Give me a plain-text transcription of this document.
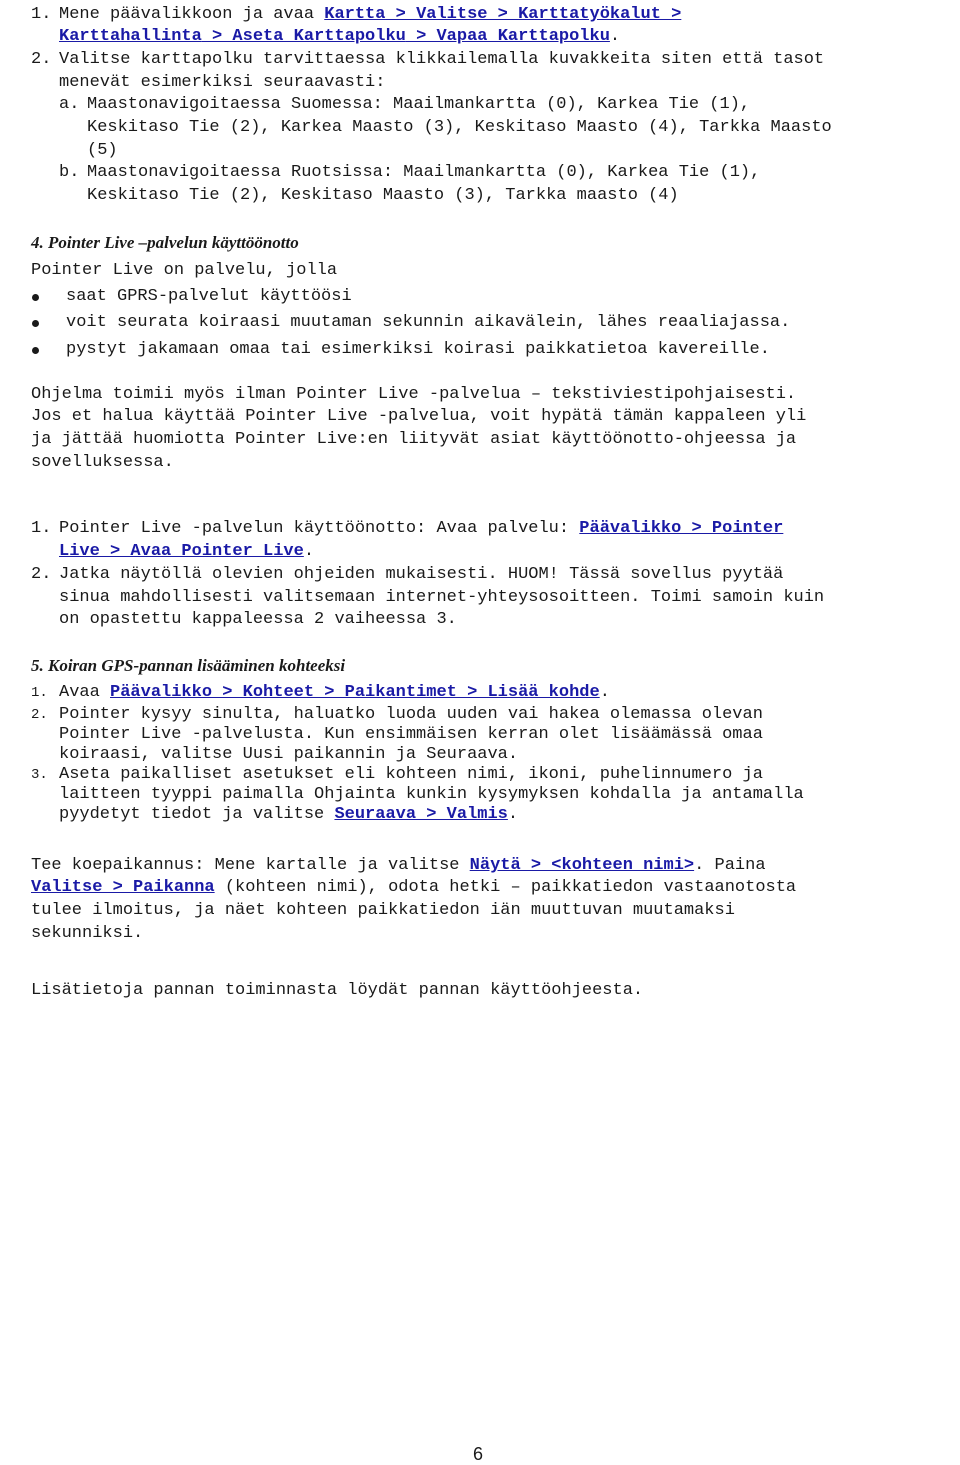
1. Mene päävalikkoon ja avaa Kartta > Valitse > Karttatyökalut >
Karttahallinta > Aseta Karttapolku > Vapaa Karttapolku.
2. Valitse karttapolku tarvittaessa klikkailemalla kuvakkeita siten että tasot
menevät esimerkiksi seuraavasti:
a. Maastonavigoitaessa Suomessa: Maailmankartta (0), Karkea Tie (1),
Keskitaso Tie (2), Karkea Maasto (3), Keskitaso Maasto (4), Tarkka Maasto
(5)
b. Maastonavigoitaessa Ruotsissa: Maailmankartta (0), Karkea Tie (1),
Keskitaso Tie (2), Keskitaso Maasto (3), Tarkka maasto (4)
4. Pointer Live –palvelun käyttöönotto
Pointer Live on palvelu, jolla
saat GPRS-palvelut käyttöösi
voit seurata koiraasi muutaman sekunnin aikavälein, lähes reaaliajassa.
pystyt jakamaan omaa tai esimerkiksi koirasi paikkatietoa kavereille.
Ohjelma toimii myös ilman Pointer Live -palvelua – tekstiviestipohjaisesti.
Jos et halua käyttää Pointer Live -palvelua, voit hypätä tämän kappaleen yli
ja jättää huomiotta Pointer Live:en liityvät asiat käyttöönotto-ohjeessa ja
sovelluksessa.
1. Pointer Live -palvelun käyttöönotto: Avaa palvelu: Päävalikko > Pointer
Live > Avaa Pointer Live.
2. Jatka näytöllä olevien ohjeiden mukaisesti. HUOM! Tässä sovellus pyytää
sinua mahdollisesti valitsemaan internet-yhteysosoitteen. Toimi samoin kuin
on opastettu kappaleessa 2 vaiheessa 3.
5. Koiran GPS-pannan lisääminen kohteeksi
1. Avaa Päävalikko > Kohteet > Paikantimet > Lisää kohde.
2. Pointer kysyy sinulta, haluatko luoda uuden vai hakea olemassa olevan
Pointer Live -palvelusta. Kun ensimmäisen kerran olet lisäämässä omaa
koiraasi, valitse Uusi paikannin ja Seuraava.
3. Aseta paikalliset asetukset eli kohteen nimi, ikoni, puhelinnumero ja
laitteen tyyppi paimalla Ohjainta kunkin kysymyksen kohdalla ja antamalla
pyydetyt tiedot ja valitse Seuraava > Valmis.
Tee koepaikannus: Mene kartalle ja valitse Näytä > <kohteen nimi>. Paina
Valitse > Paikanna (kohteen nimi), odota hetki – paikkatiedon vastaanotosta
tulee ilmoitus, ja näet kohteen paikkatiedon iän muuttuvan muutamaksi
sekunniksi.
Lisätietoja pannan toiminnasta löydät pannan käyttöohjeesta.
6
